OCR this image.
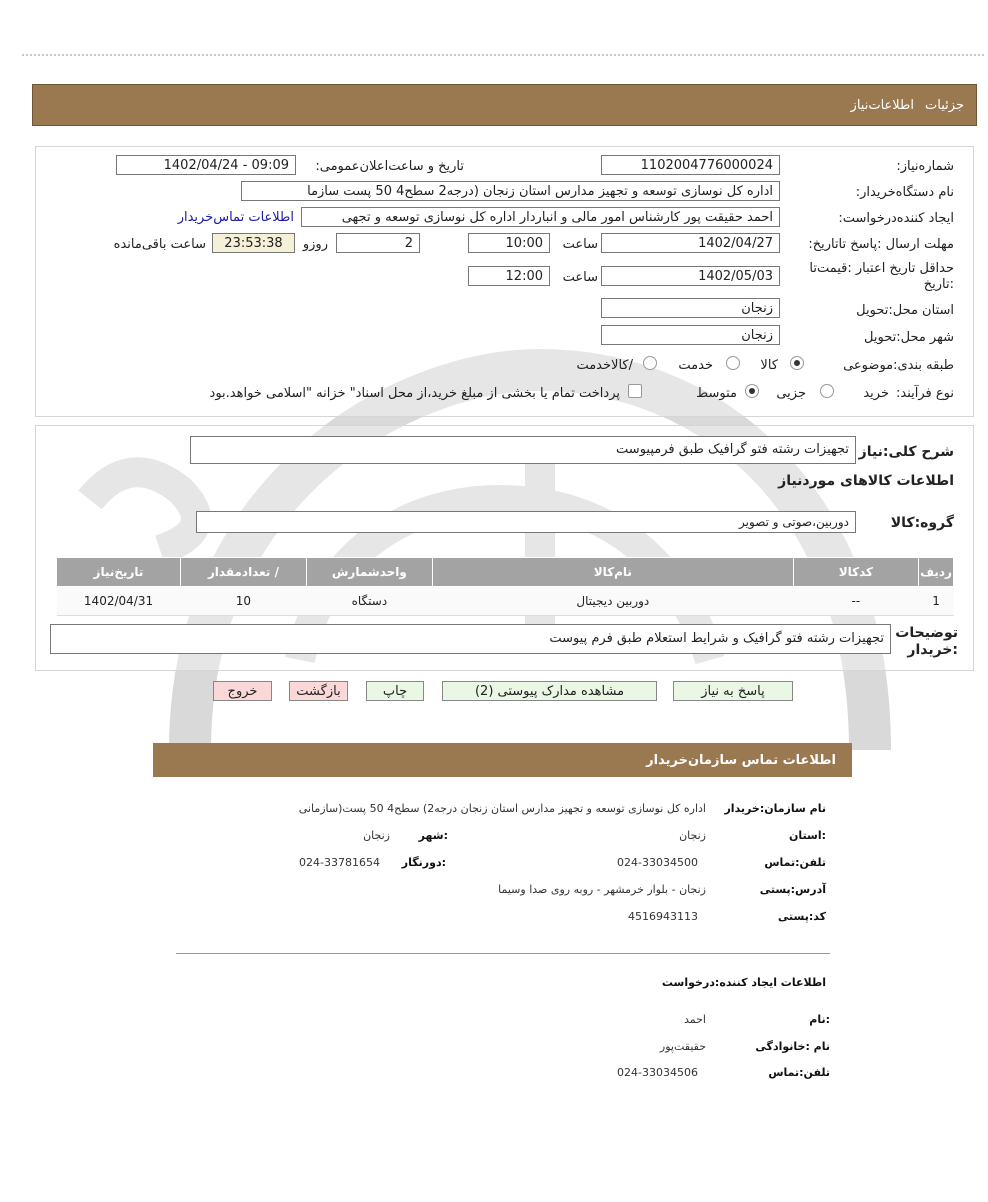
جزئیات
اطلاعات‌نیاز
شماره‌نیاز:
1102004776000024
تاریخ و ساعت‌اعلان‌عمومی:
1402/04/24 - 09:09
نام دستگاه‌خریدار:
اداره کل نوسازی توسعه و تجهیز مدارس استان زنجان (درجه2 سطح4 50 پست سازما
ایجاد کننده‌درخواست:
احمد حقیقت پور کارشناس امور مالی و انباردار اداره کل نوسازی توسعه و تجهی
اطلاعات تماس‌خریدار
مهلت ارسال :پاسخ تا‌تاریخ:
1402/04/27
ساعت
10:00
2
روزو
23:53:38
ساعت باقی‌مانده
حداقل تاریخ اعتبار :قیمت‌تا
:تاریخ
1402/05/03
ساعت
12:00
استان محل:تحویل
زنجان
شهر محل:تحویل
زنجان
طبقه بندی:موضوعی
کالا
خدمت
/کالاخدمت
نوع فرآیند:
خرید
جزیی
متوسط
پرداخت تمام یا بخشی از مبلغ خرید،از محل اسناد" خزانه "اسلامی خواهد.بود
شرح کلی:نیاز
تجهیزات رشته فتو گرافیک طبق فرمپیوست
اطلاعات کالاهای موردنیاز
گروه:کالا
دوربین،صوتی و تصویر
ردیف	کدکالا	نام‌کالا	واحدشمارش	/ تعدادمقدار	تاریخ‌نیاز
1	--	دوربین دیجیتال	دستگاه	10	1402/04/31
توضیحات
:خریدار
تجهیزات رشته فتو گرافیک و شرایط استعلام طبق فرم پیوست
پاسخ به نیاز
مشاهده مدارک پیوستی (2)
چاپ
بازگشت
خروج
اطلاعات تماس سازمان‌خریدار
نام سازمان:خریدار
اداره کل نوسازی توسعه و تجهیز مدارس استان زنجان درجه2) سطح4 50 پست(سازمانی
:استان
زنجان
:شهر
زنجان
تلفن:تماس
024-33034500
:دورنگار
024-33781654
آدرس:پستی
زنجان - بلوار خرمشهر - روبه روی صدا وسیما
کد:پستی
4516943113
اطلاعات ایجاد کننده:درخواست
:نام
احمد
نام :خانوادگی
حقیقت‌پور
تلفن:تماس
024-33034506
